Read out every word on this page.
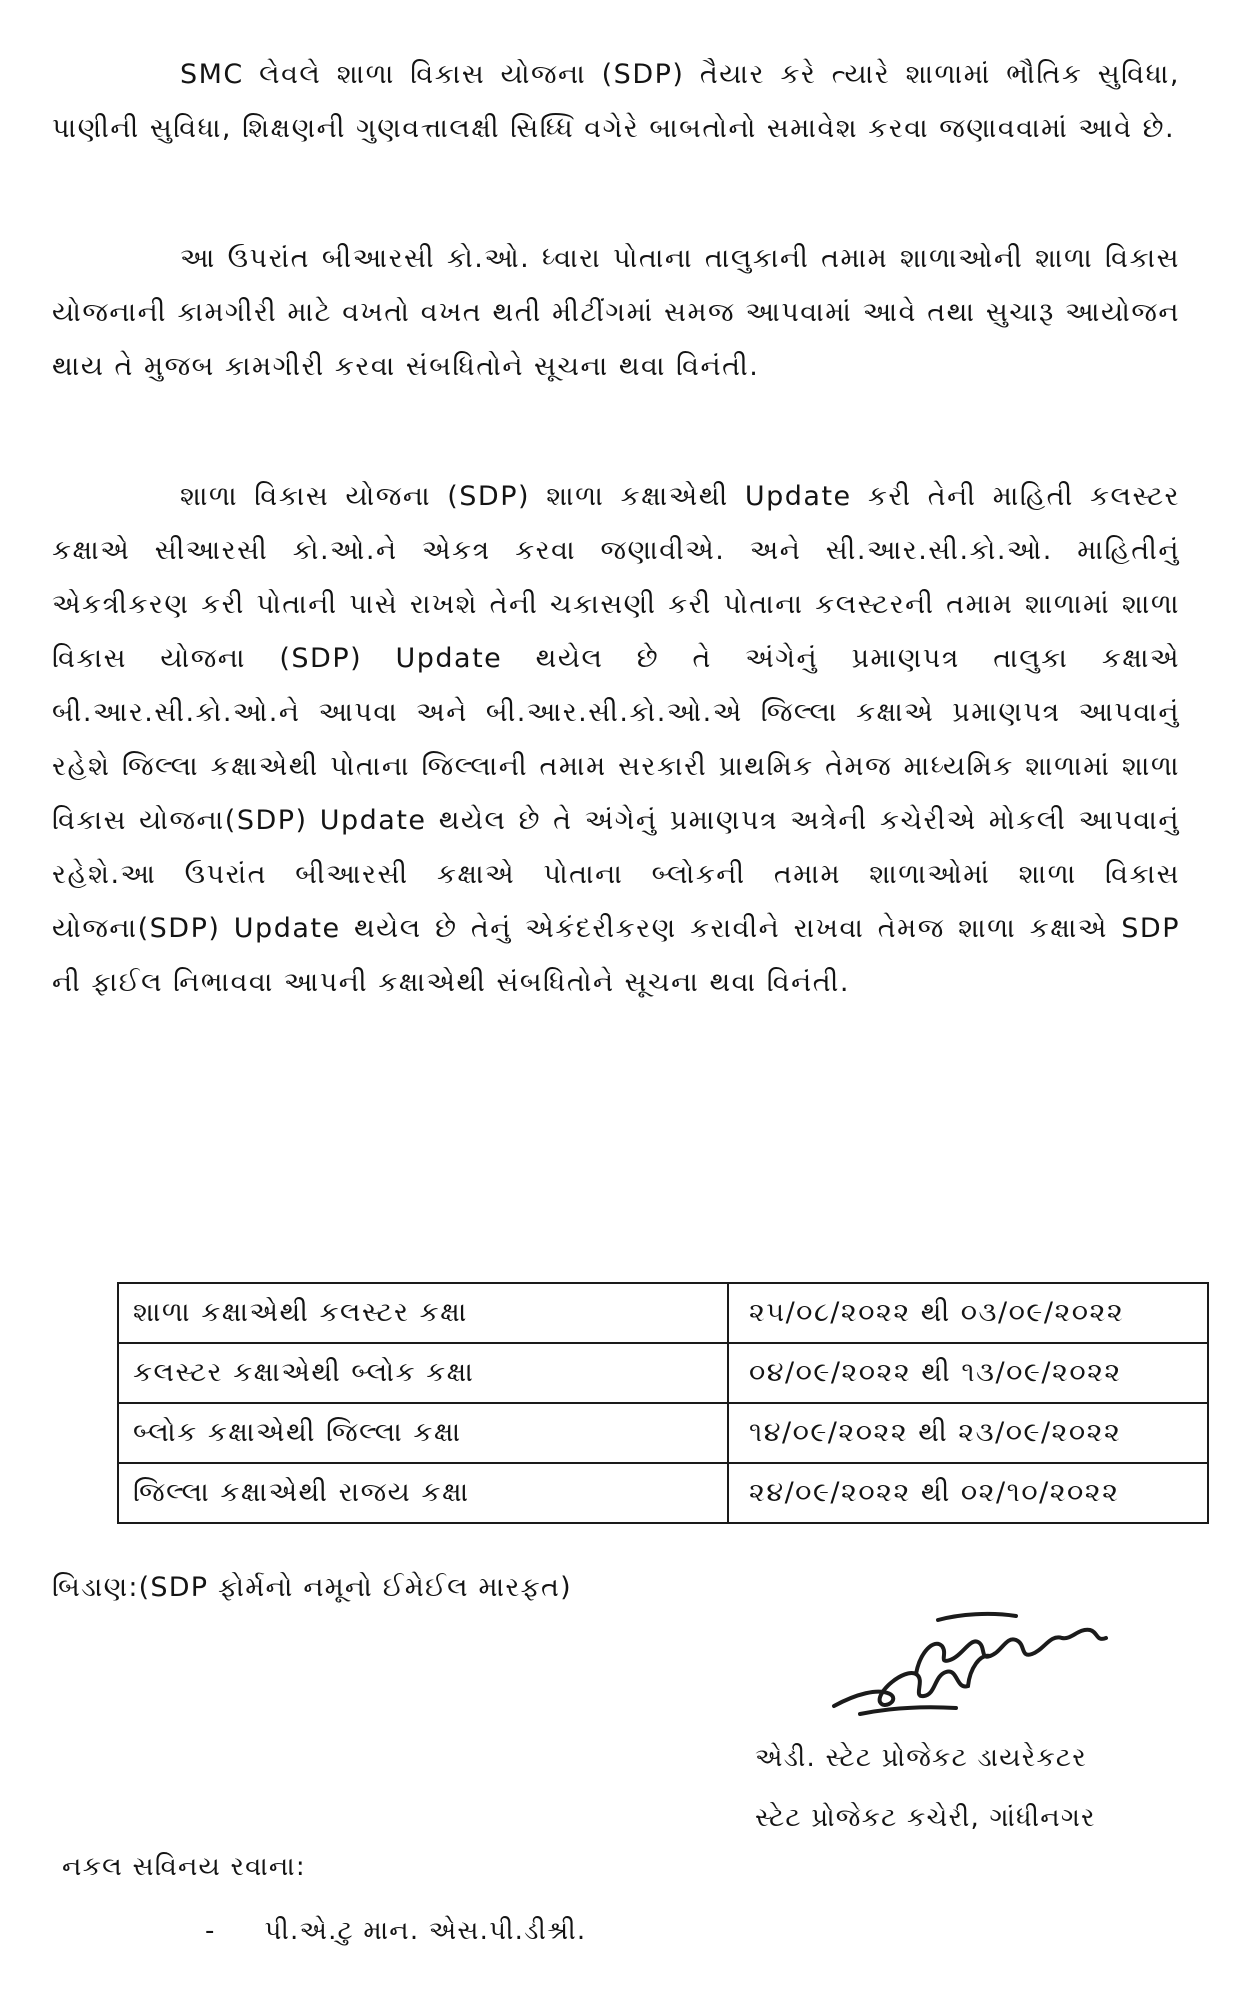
SMC લેવલે શાળા વિકાસ યોજના (SDP) તૈયાર કરે ત્યારે શાળામાં ભૌતિક સુવિધા, પાણીની સુવિધા, શિક્ષણની ગુણવત્તાલક્ષી સિધ્ધિ વગેરે બાબતોનો સમાવેશ કરવા જણાવવામાં આવે છે.

આ ઉપરાંત બીઆરસી કો.ઓ. ધ્વારા પોતાના તાલુકાની તમામ શાળાઓની શાળા વિકાસ યોજનાની કામગીરી માટે વખતો વખત થતી મીટીંગમાં સમજ આપવામાં આવે તથા સુચારૂ આયોજન થાય તે મુજબ કામગીરી કરવા સંબધિતોને સૂચના થવા વિનંતી.

શાળા વિકાસ યોજના (SDP) શાળા કક્ષાએથી Update કરી તેની માહિતી કલસ્ટર કક્ષાએ સીઆરસી કો.ઓ.ને એકત્ર કરવા જણાવીએ. અને સી.આર.સી.કો.ઓ. માહિતીનું એકત્રીકરણ કરી પોતાની પાસે રાખશે તેની ચકાસણી કરી પોતાના કલસ્ટરની તમામ શાળામાં શાળા વિકાસ યોજના (SDP) Update થયેલ છે તે અંગેનું પ્રમાણપત્ર તાલુકા કક્ષાએ બી.આર.સી.કો.ઓ.ને આપવા અને બી.આર.સી.કો.ઓ.એ જિલ્લા કક્ષાએ પ્રમાણપત્ર આપવાનું રહેશે જિલ્લા કક્ષાએથી પોતાના જિલ્લાની તમામ સરકારી પ્રાથમિક તેમજ માધ્યમિક શાળામાં શાળા વિકાસ યોજના(SDP) Update થયેલ છે તે અંગેનું પ્રમાણપત્ર અત્રેની કચેરીએ મોકલી આપવાનું રહેશે.આ ઉપરાંત બીઆરસી કક્ષાએ પોતાના બ્લોકની તમામ શાળાઓમાં શાળા વિકાસ યોજના(SDP) Update થયેલ છે તેનું એકંદરીકરણ કરાવીને રાખવા તેમજ શાળા કક્ષાએ SDP ની ફાઈલ નિભાવવા આપની કક્ષાએથી સંબધિતોને સૂચના થવા વિનંતી.

શાળા કક્ષાએથી કલસ્ટર કક્ષા	૨૫/૦૮/૨૦૨૨ થી ૦૩/૦૯/૨૦૨૨
કલસ્ટર કક્ષાએથી બ્લોક કક્ષા	૦૪/૦૯/૨૦૨૨ થી ૧૩/૦૯/૨૦૨૨
બ્લોક કક્ષાએથી જિલ્લા કક્ષા	૧૪/૦૯/૨૦૨૨ થી ૨૩/૦૯/૨૦૨૨
જિલ્લા કક્ષાએથી રાજય કક્ષા	૨૪/૦૯/૨૦૨૨ થી ૦૨/૧૦/૨૦૨૨

બિડાણ:(SDP ફોર્મનો નમૂનો ઈમેઈલ મારફત)

એડી. સ્ટેટ પ્રોજેકટ ડાયરેકટર
સ્ટેટ પ્રોજેકટ કચેરી, ગાંધીનગર
નકલ સવિનય રવાના:
- પી.એ.ટુ માન. એસ.પી.ડીશ્રી.
